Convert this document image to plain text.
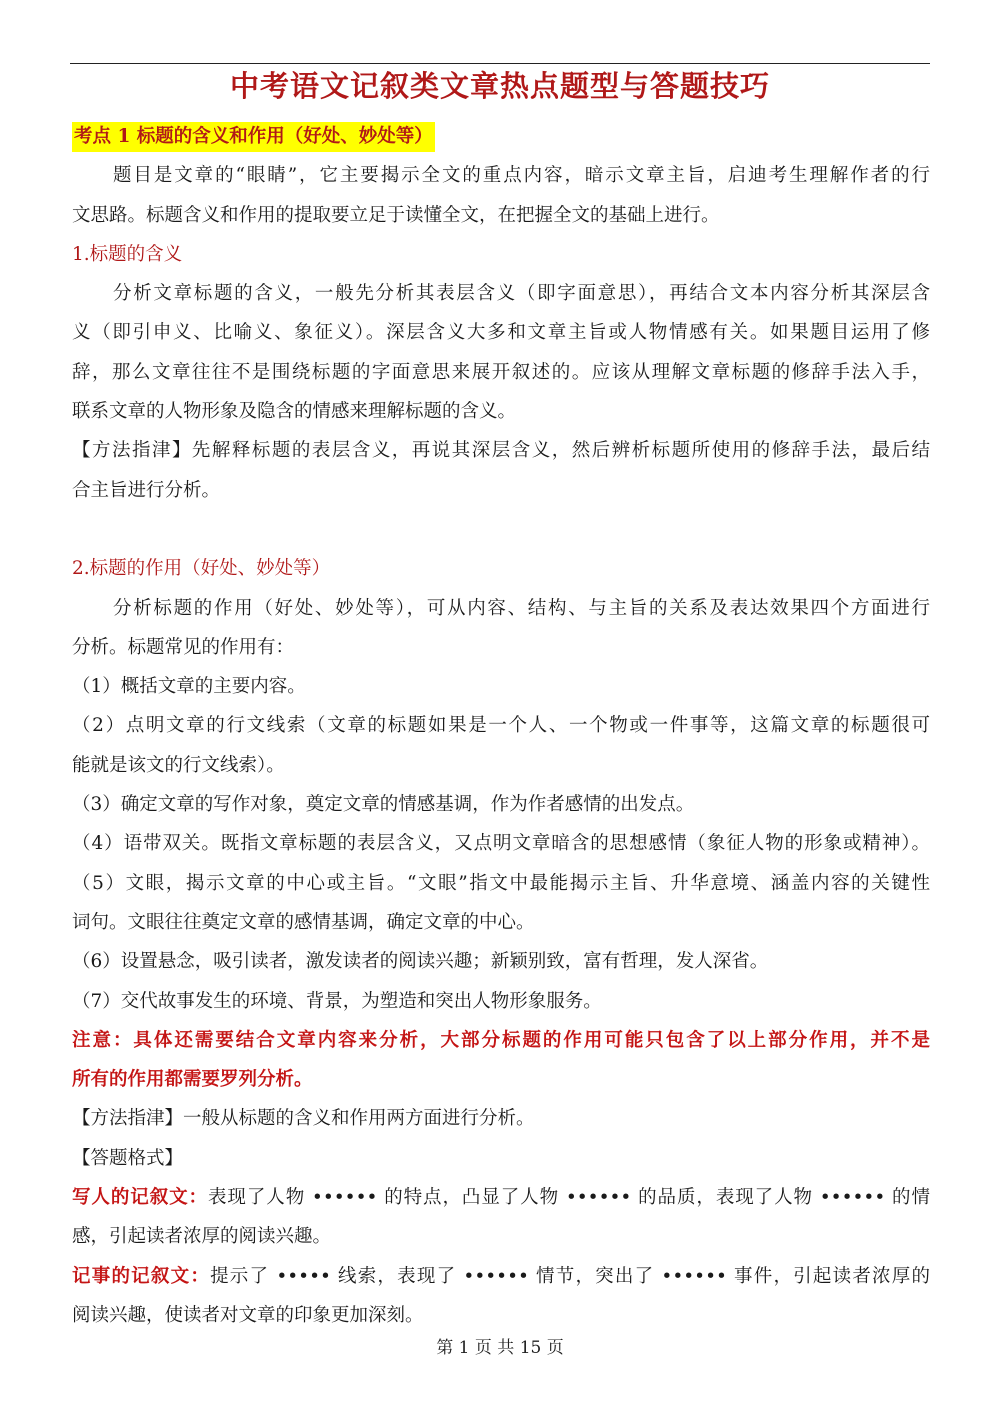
中考语文记叙类文章热点题型与答题技巧
考点 1 标题的含义和作用（好处、妙处等）
题目是文章的“眼睛”，它主要揭示全文的重点内容，暗示文章主旨，启迪考生理解作者的行
文思路。标题含义和作用的提取要立足于读懂全文，在把握全文的基础上进行。
1.标题的含义
分析文章标题的含义，一般先分析其表层含义（即字面意思），再结合文本内容分析其深层含
义（即引申义、比喻义、象征义）。深层含义大多和文章主旨或人物情感有关。如果题目运用了修
辞，那么文章往往不是围绕标题的字面意思来展开叙述的。应该从理解文章标题的修辞手法入手，
联系文章的人物形象及隐含的情感来理解标题的含义。
【方法指津】先解释标题的表层含义，再说其深层含义，然后辨析标题所使用的修辞手法，最后结
合主旨进行分析。
2.标题的作用（好处、妙处等）
分析标题的作用（好处、妙处等），可从内容、结构、与主旨的关系及表达效果四个方面进行
分析。标题常见的作用有：
（1）概括文章的主要内容。
（2）点明文章的行文线索（文章的标题如果是一个人、一个物或一件事等，这篇文章的标题很可
能就是该文的行文线索）。
（3）确定文章的写作对象，奠定文章的情感基调，作为作者感情的出发点。
（4）语带双关。既指文章标题的表层含义，又点明文章暗含的思想感情（象征人物的形象或精神）。
（5）文眼，揭示文章的中心或主旨。“文眼”指文中最能揭示主旨、升华意境、涵盖内容的关键性
词句。文眼往往奠定文章的感情基调，确定文章的中心。
（6）设置悬念，吸引读者，激发读者的阅读兴趣；新颖别致，富有哲理，发人深省。
（7）交代故事发生的环境、背景，为塑造和突出人物形象服务。
注意：具体还需要结合文章内容来分析，大部分标题的作用可能只包含了以上部分作用，并不是
所有的作用都需要罗列分析。
【方法指津】一般从标题的含义和作用两方面进行分析。
【答题格式】
写人的记叙文：表现了人物 •••••• 的特点，凸显了人物 •••••• 的品质，表现了人物 •••••• 的情
感，引起读者浓厚的阅读兴趣。
记事的记叙文：提示了 ••••• 线索，表现了 •••••• 情节，突出了 •••••• 事件，引起读者浓厚的
阅读兴趣，使读者对文章的印象更加深刻。
第 1 页 共 15 页
